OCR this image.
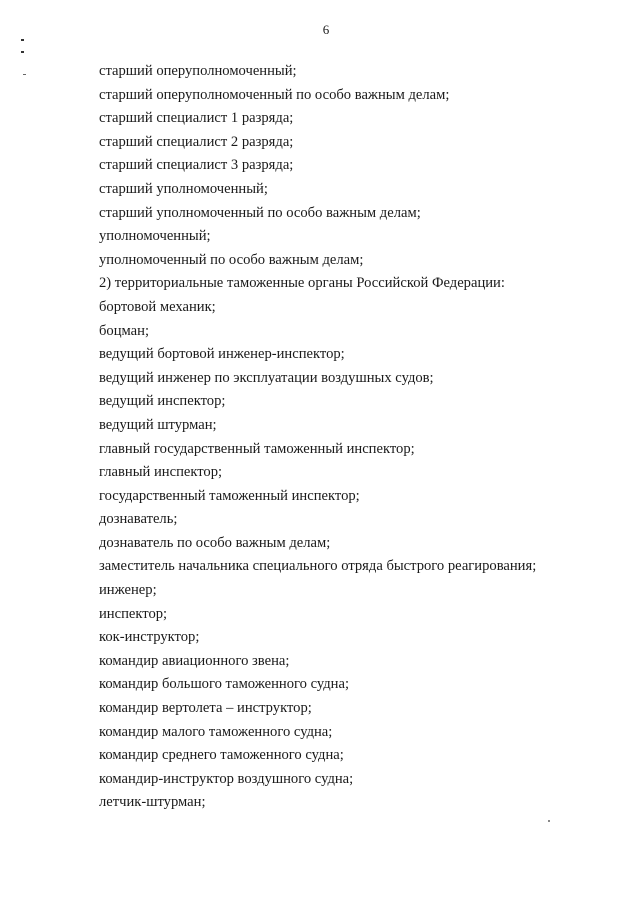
6
старший оперуполномоченный;
старший оперуполномоченный по особо важным делам;
старший специалист 1 разряда;
старший специалист 2 разряда;
старший специалист 3 разряда;
старший уполномоченный;
старший уполномоченный по особо важным делам;
уполномоченный;
уполномоченный по особо важным делам;
2) территориальные таможенные органы Российской Федерации:
бортовой механик;
боцман;
ведущий бортовой инженер-инспектор;
ведущий инженер по эксплуатации воздушных судов;
ведущий инспектор;
ведущий штурман;
главный государственный таможенный инспектор;
главный инспектор;
государственный таможенный инспектор;
дознаватель;
дознаватель по особо важным делам;
заместитель начальника специального отряда быстрого реагирования;
инженер;
инспектор;
кок-инструктор;
командир авиационного звена;
командир большого таможенного судна;
командир вертолета – инструктор;
командир малого таможенного судна;
командир среднего таможенного судна;
командир-инструктор воздушного судна;
летчик-штурман;
